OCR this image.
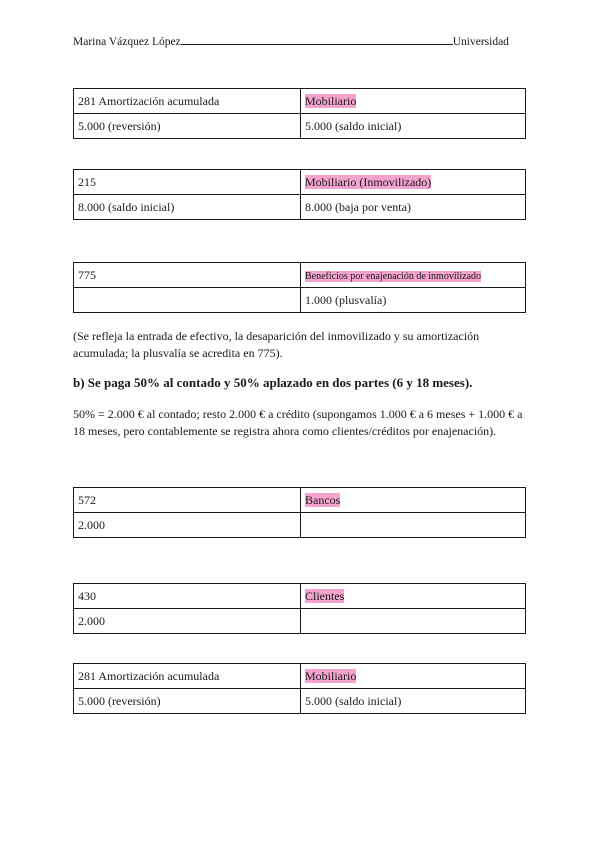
Marina Vázquez López	Universidad
281 Amortización acumulada	Mobiliario
5.000 (reversión)	5.000 (saldo inicial)
215	Mobiliario (Inmovilizado)
8.000 (saldo inicial)	8.000 (baja por venta)
775	Beneficios por enajenación de inmovilizado
	1.000 (plusvalía)

(Se refleja la entrada de efectivo, la desaparición del inmovilizado y su amortización acumulada; la plusvalía se acredita en 775).

b) Se paga 50% al contado y 50% aplazado en dos partes (6 y 18 meses).

50% = 2.000 € al contado; resto 2.000 € a crédito (supongamos 1.000 € a 6 meses + 1.000 € a 18 meses, pero contablemente se registra ahora como clientes/créditos por enajenación).

572	Bancos
2.000	
430	Clientes
2.000	
281 Amortización acumulada	Mobiliario
5.000 (reversión)	5.000 (saldo inicial)
